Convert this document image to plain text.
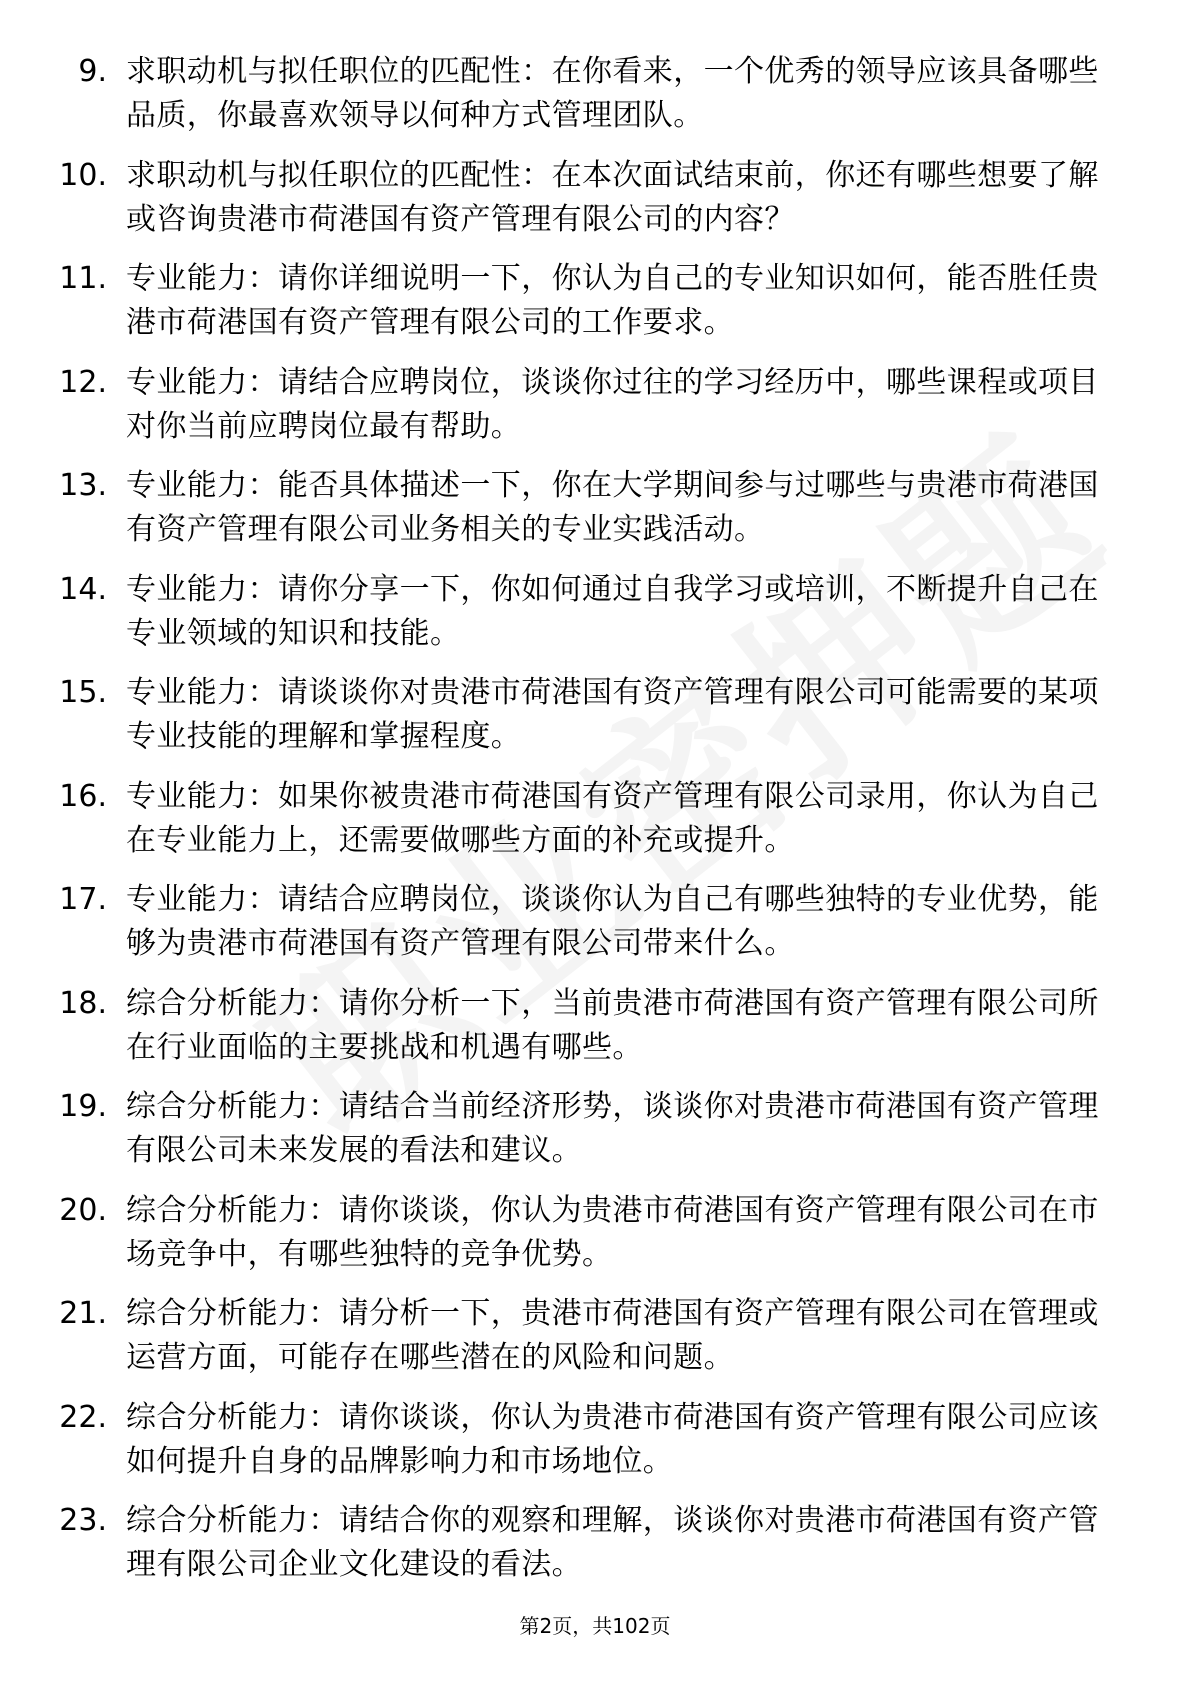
9. 求职动机与拟任职位的匹配性：在你看来，一个优秀的领导应该具备哪些品质，你最喜欢领导以何种方式管理团队。
10. 求职动机与拟任职位的匹配性：在本次面试结束前，你还有哪些想要了解或咨询贵港市荷港国有资产管理有限公司的内容？
11. 专业能力：请你详细说明一下，你认为自己的专业知识如何，能否胜任贵港市荷港国有资产管理有限公司的工作要求。
12. 专业能力：请结合应聘岗位，谈谈你过往的学习经历中，哪些课程或项目对你当前应聘岗位最有帮助。
13. 专业能力：能否具体描述一下，你在大学期间参与过哪些与贵港市荷港国有资产管理有限公司业务相关的专业实践活动。
14. 专业能力：请你分享一下，你如何通过自我学习或培训，不断提升自己在专业领域的知识和技能。
15. 专业能力：请谈谈你对贵港市荷港国有资产管理有限公司可能需要的某项专业技能的理解和掌握程度。
16. 专业能力：如果你被贵港市荷港国有资产管理有限公司录用，你认为自己在专业能力上，还需要做哪些方面的补充或提升。
17. 专业能力：请结合应聘岗位，谈谈你认为自己有哪些独特的专业优势，能够为贵港市荷港国有资产管理有限公司带来什么。
18. 综合分析能力：请你分析一下，当前贵港市荷港国有资产管理有限公司所在行业面临的主要挑战和机遇有哪些。
19. 综合分析能力：请结合当前经济形势，谈谈你对贵港市荷港国有资产管理有限公司未来发展的看法和建议。
20. 综合分析能力：请你谈谈，你认为贵港市荷港国有资产管理有限公司在市场竞争中，有哪些独特的竞争优势。
21. 综合分析能力：请分析一下，贵港市荷港国有资产管理有限公司在管理或运营方面，可能存在哪些潜在的风险和问题。
22. 综合分析能力：请你谈谈，你认为贵港市荷港国有资产管理有限公司应该如何提升自身的品牌影响力和市场地位。
23. 综合分析能力：请结合你的观察和理解，谈谈你对贵港市荷港国有资产管理有限公司企业文化建设的看法。
第2页，共102页
